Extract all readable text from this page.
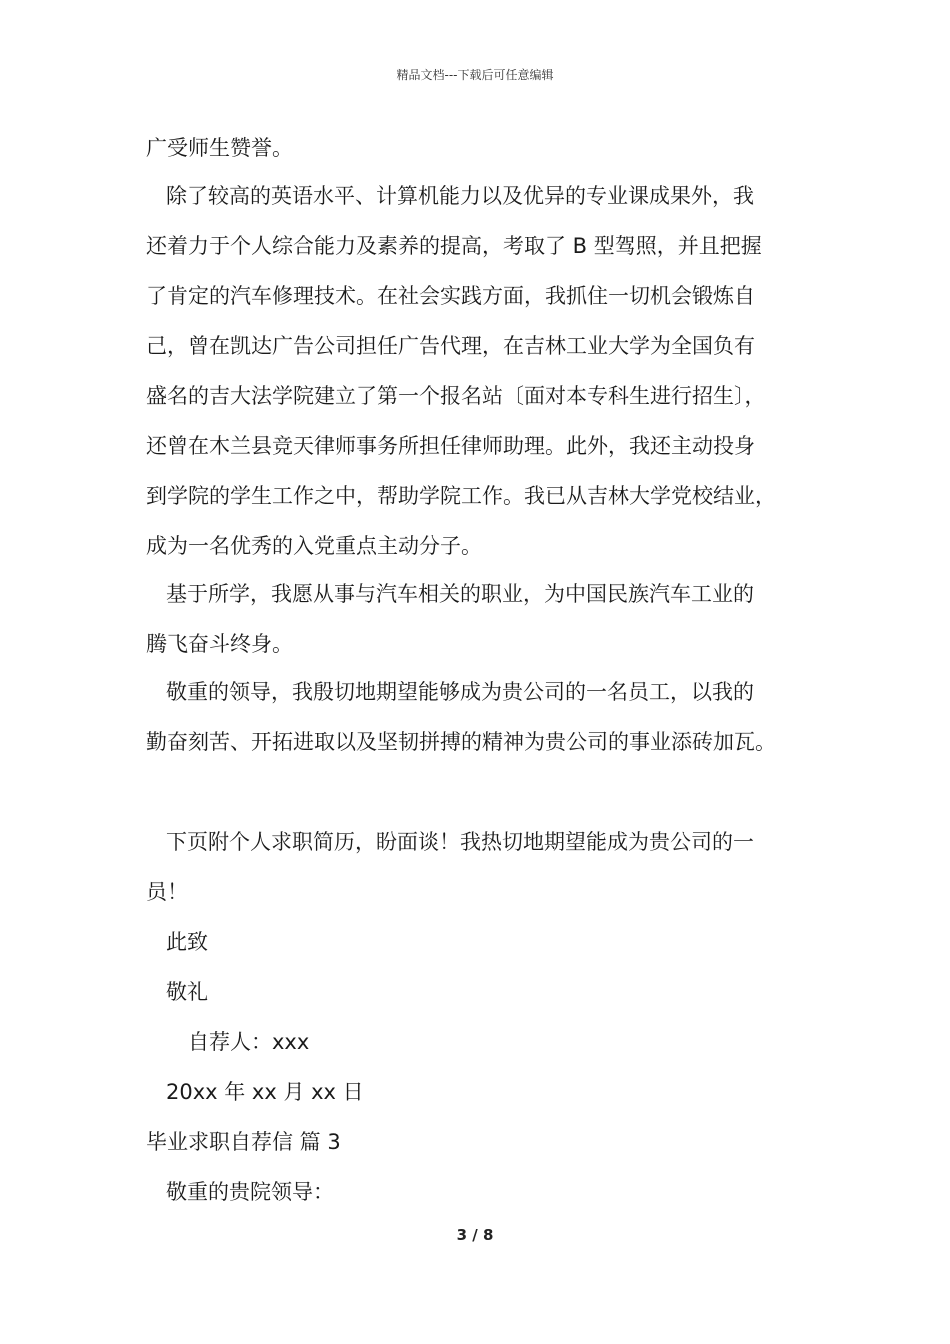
精品文档---下载后可任意编辑
广受师生赞誉。
除了较高的英语水平、计算机能力以及优异的专业课成果外，我
还着力于个人综合能力及素养的提高，考取了 B 型驾照，并且把握
了肯定的汽车修理技术。在社会实践方面，我抓住一切机会锻炼自
己，曾在凯达广告公司担任广告代理，在吉林工业大学为全国负有
盛名的吉大法学院建立了第一个报名站〔面对本专科生进行招生〕，
还曾在木兰县竞天律师事务所担任律师助理。此外，我还主动投身
到学院的学生工作之中，帮助学院工作。我已从吉林大学党校结业，
成为一名优秀的入党重点主动分子。
基于所学，我愿从事与汽车相关的职业，为中国民族汽车工业的
腾飞奋斗终身。
敬重的领导，我殷切地期望能够成为贵公司的一名员工，以我的
勤奋刻苦、开拓进取以及坚韧拼搏的精神为贵公司的事业添砖加瓦。
下页附个人求职简历，盼面谈！我热切地期望能成为贵公司的一
员！
此致
敬礼
自荐人：xxx
20xx 年 xx 月 xx 日
毕业求职自荐信 篇 3
敬重的贵院领导：
3 / 8
